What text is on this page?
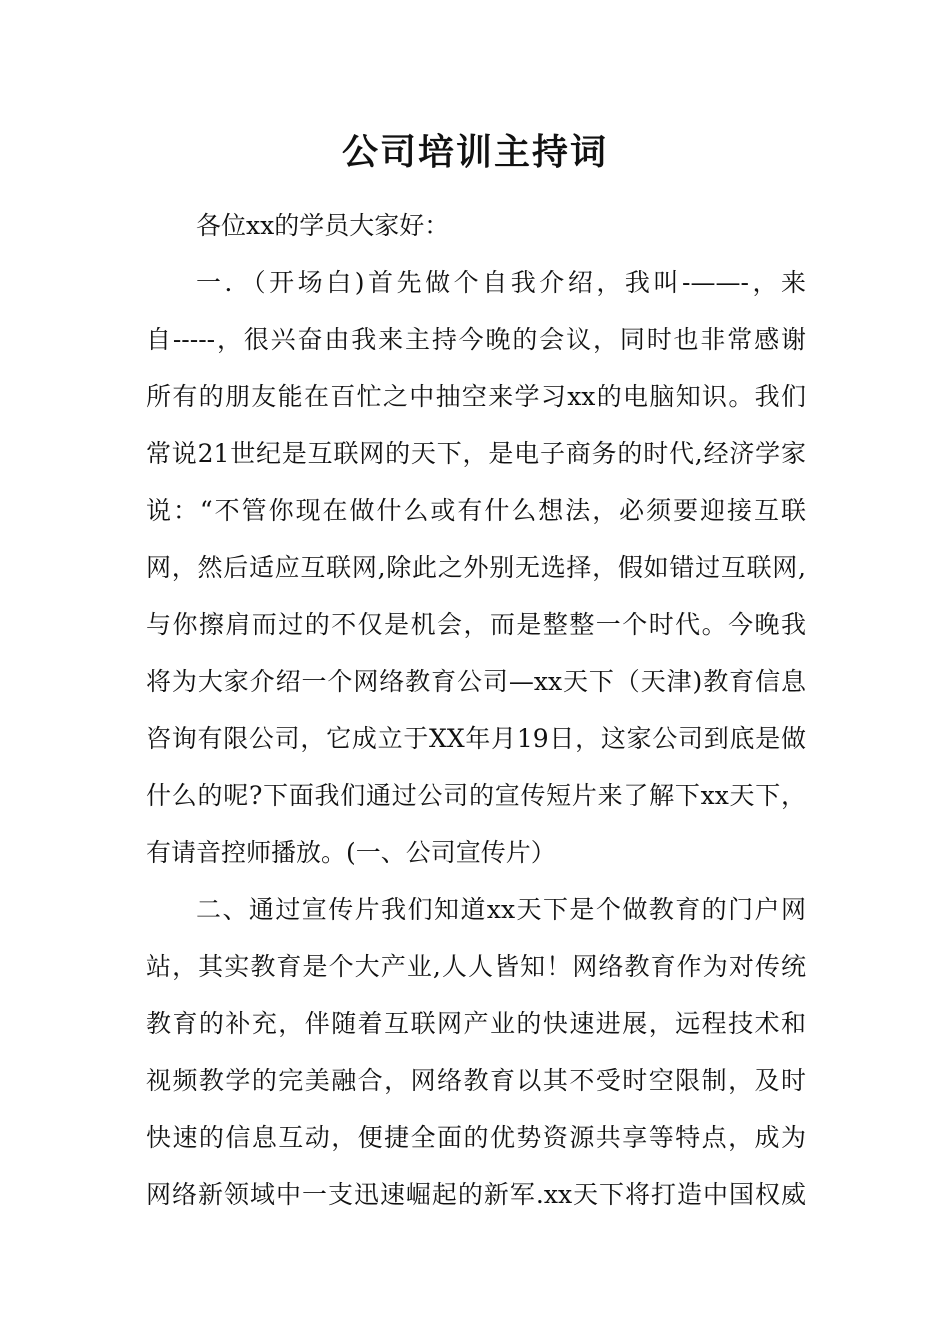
公司培训主持词
各位xx的学员大家好：
一．（开场白)首先做个自我介绍，我叫-——-，来
自-----，很兴奋由我来主持今晚的会议，同时也非常感谢
所有的朋友能在百忙之中抽空来学习xx的电脑知识。我们
常说21世纪是互联网的天下，是电子商务的时代,经济学家
说：“不管你现在做什么或有什么想法，必须要迎接互联
网，然后适应互联网,除此之外别无选择，假如错过互联网,
与你擦肩而过的不仅是机会，而是整整一个时代。今晚我
将为大家介绍一个网络教育公司—xx天下（天津)教育信息
咨询有限公司，它成立于XX年月19日，这家公司到底是做
什么的呢?下面我们通过公司的宣传短片来了解下xx天下，
有请音控师播放。(一、公司宣传片）
二、通过宣传片我们知道xx天下是个做教育的门户网
站，其实教育是个大产业,人人皆知！网络教育作为对传统
教育的补充，伴随着互联网产业的快速进展，远程技术和
视频教学的完美融合，网络教育以其不受时空限制，及时
快速的信息互动，便捷全面的优势资源共享等特点，成为
网络新领域中一支迅速崛起的新军.xx天下将打造中国权威
